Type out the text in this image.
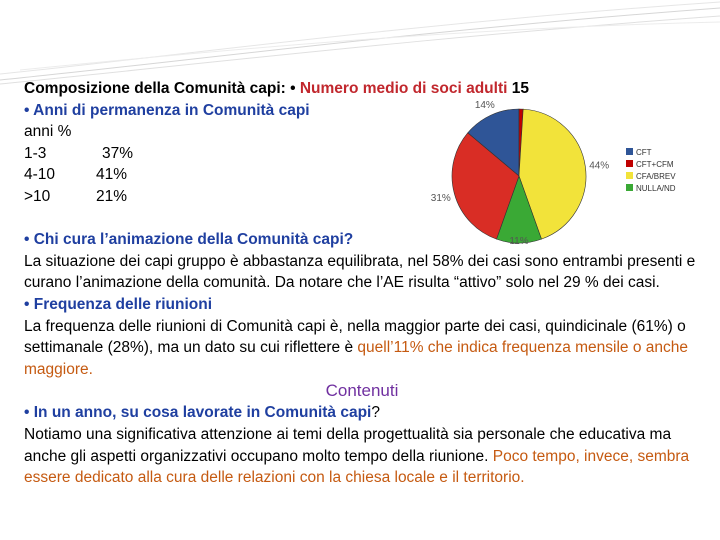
Composizione della Comunità capi: • Numero medio di soci adulti 15
• Anni di permanenza in Comunità capi
anni %
1-3	37%
4-10	41%
>10	21%
• Chi cura l’animazione della Comunità capi?
La situazione dei capi gruppo è abbastanza equilibrata, nel 58% dei casi sono entrambi presenti e curano l’animazione della comunità. Da notare che l’AE risulta “attivo” solo nel 29 % dei casi.
• Frequenza delle riunioni
La frequenza delle riunioni di Comunità capi è, nella maggior parte dei casi, quindicinale (61%) o settimanale (28%), ma un dato su cui riflettere è quell’11% che indica frequenza mensile o anche maggiore.
Contenuti
• In un anno, su cosa lavorate in Comunità capi?
Notiamo una significativa attenzione ai temi della progettualità sia personale che educativa ma anche gli aspetti organizzativi occupano molto tempo della riunione. Poco tempo, invece, sembra essere dedicato alla cura delle relazioni con la chiesa locale e il territorio.
14%
44%
11%
31%
CFT
CFT+CFM
CFA/BREV
NULLA/ND
